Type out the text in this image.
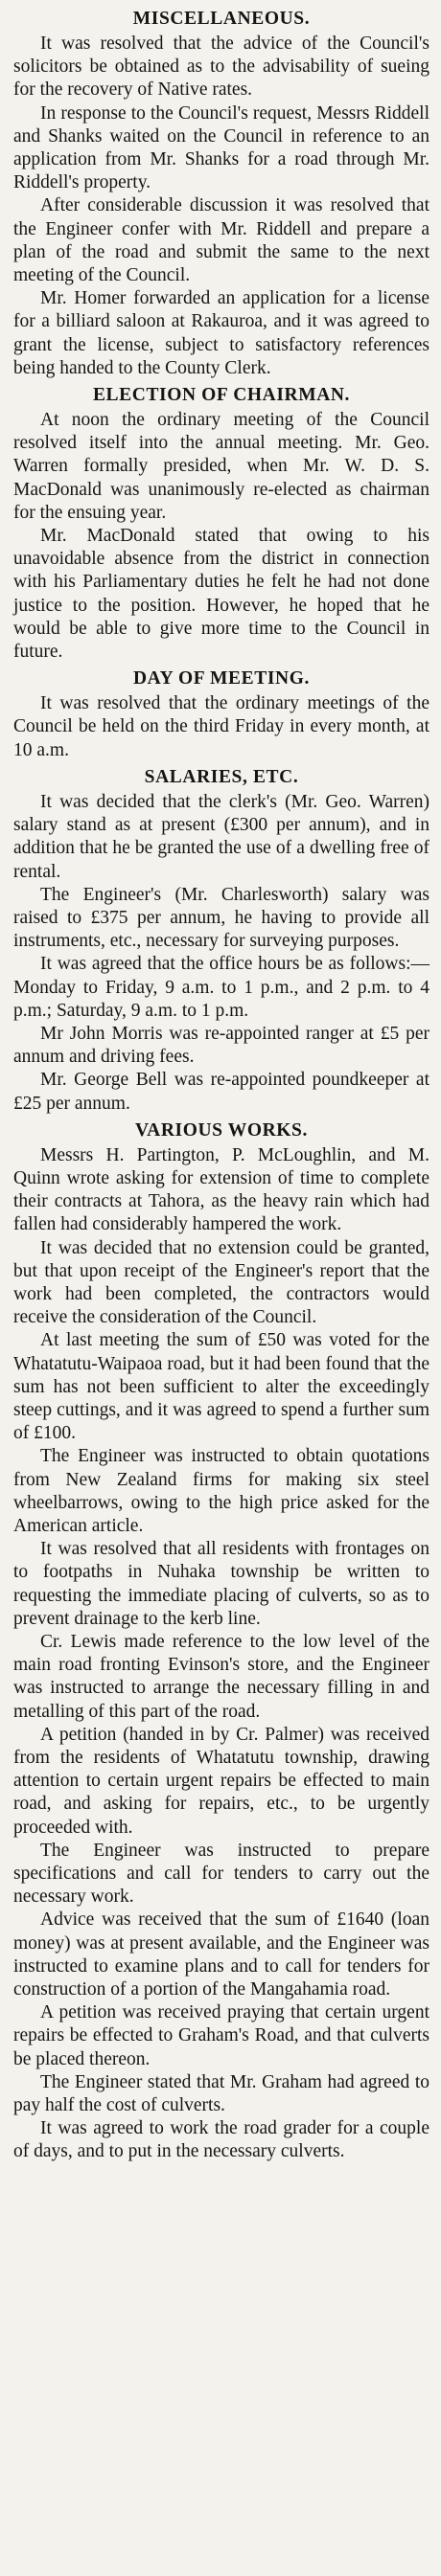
MISCELLANEOUS.

It was resolved that the advice of the Council's solicitors be obtained as to the advisability of sueing for the recovery of Native rates.

In response to the Council's request, Messrs Riddell and Shanks waited on the Council in reference to an application from Mr. Shanks for a road through Mr. Riddell's property.

After considerable discussion it was resolved that the Engineer confer with Mr. Riddell and prepare a plan of the road and submit the same to the next meeting of the Council.

Mr. Homer forwarded an application for a license for a billiard saloon at Rakauroa, and it was agreed to grant the license, subject to satisfactory references being handed to the County Clerk.

ELECTION OF CHAIRMAN.

At noon the ordinary meeting of the Council resolved itself into the annual meeting. Mr. Geo. Warren formally presided, when Mr. W. D. S. MacDonald was unanimously re-elected as chairman for the ensuing year.

Mr. MacDonald stated that owing to his unavoidable absence from the district in connection with his Parliamentary duties he felt he had not done justice to the position. However, he hoped that he would be able to give more time to the Council in future.

DAY OF MEETING.

It was resolved that the ordinary meetings of the Council be held on the third Friday in every month, at 10 a.m.

SALARIES, ETC.

It was decided that the clerk's (Mr. Geo. Warren) salary stand as at present (£300 per annum), and in addition that he be granted the use of a dwelling free of rental.

The Engineer's (Mr. Charlesworth) salary was raised to £375 per annum, he having to provide all instruments, etc., necessary for surveying purposes.

It was agreed that the office hours be as follows:—Monday to Friday, 9 a.m. to 1 p.m., and 2 p.m. to 4 p.m.; Saturday, 9 a.m. to 1 p.m.

Mr John Morris was re-appointed ranger at £5 per annum and driving fees.

Mr. George Bell was re-appointed poundkeeper at £25 per annum.

VARIOUS WORKS.

Messrs H. Partington, P. McLoughlin, and M. Quinn wrote asking for extension of time to complete their contracts at Tahora, as the heavy rain which had fallen had considerably hampered the work.

It was decided that no extension could be granted, but that upon receipt of the Engineer's report that the work had been completed, the contractors would receive the consideration of the Council.

At last meeting the sum of £50 was voted for the Whatatutu-Waipaoa road, but it had been found that the sum has not been sufficient to alter the exceedingly steep cuttings, and it was agreed to spend a further sum of £100.

The Engineer was instructed to obtain quotations from New Zealand firms for making six steel wheelbarrows, owing to the high price asked for the American article.

It was resolved that all residents with frontages on to footpaths in Nuhaka township be written to requesting the immediate placing of culverts, so as to prevent drainage to the kerb line.

Cr. Lewis made reference to the low level of the main road fronting Evinson's store, and the Engineer was instructed to arrange the necessary filling in and metalling of this part of the road.

A petition (handed in by Cr. Palmer) was received from the residents of Whatatutu township, drawing attention to certain urgent repairs be effected to main road, and asking for repairs, etc., to be urgently proceeded with.

The Engineer was instructed to prepare specifications and call for tenders to carry out the necessary work.

Advice was received that the sum of £1640 (loan money) was at present available, and the Engineer was instructed to examine plans and to call for tenders for construction of a portion of the Mangahamia road.

A petition was received praying that certain urgent repairs be effected to Graham's Road, and that culverts be placed thereon.

The Engineer stated that Mr. Graham had agreed to pay half the cost of culverts.

It was agreed to work the road grader for a couple of days, and to put in the necessary culverts.
